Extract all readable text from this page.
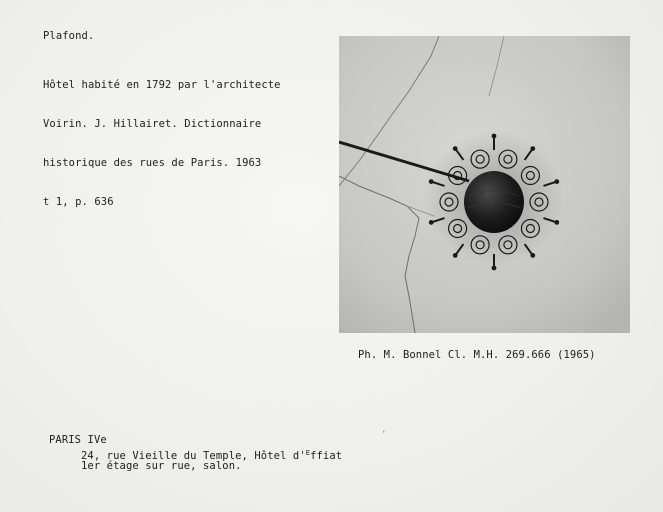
Plafond.

Hôtel habité en 1792 par l'architecte

Voirin. J. Hillairet. Dictionnaire

historique des rues de Paris. 1963

t 1, p. 636

Ph. M. Bonnel Cl. M.H. 269.666 (1965)
PARIS IVe
24, rue Vieille du Temple, Hôtel $d'^Effiat$
1er étage sur rue, salon.
‘
